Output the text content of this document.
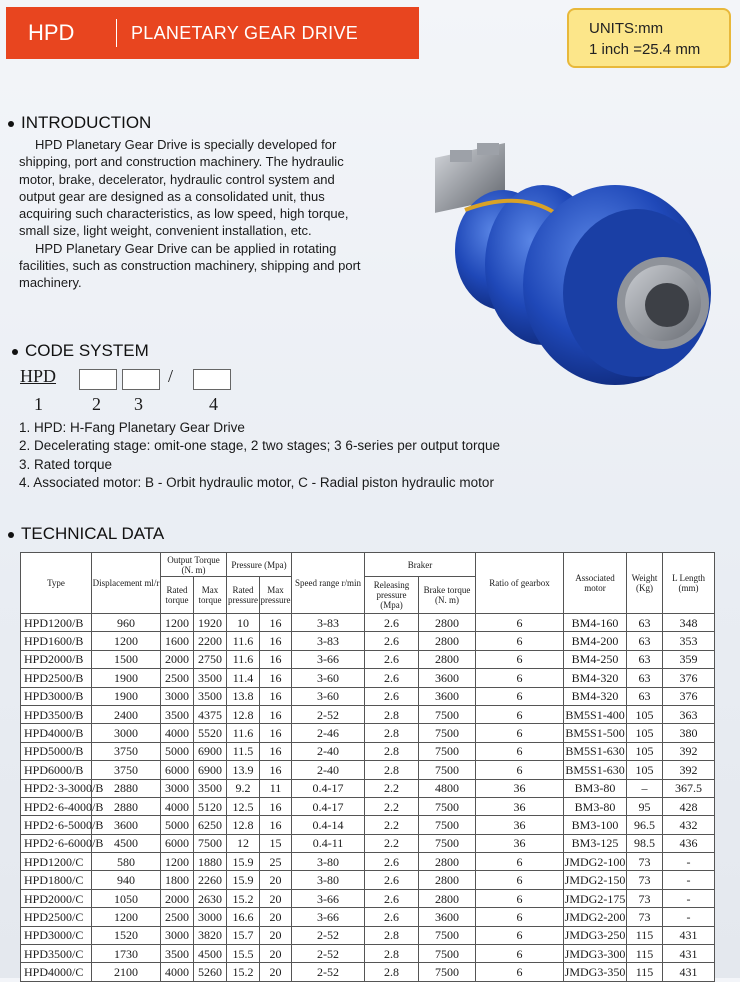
HPD	PLANETARY GEAR DRIVE	UNITS:mm
1 inch =25.4 mm
INTRODUCTION

HPD Planetary Gear Drive is specially developed for shipping, port and construction machinery. The hydraulic motor, brake, decelerator, hydraulic control system and output gear are designed as a consolidated unit, thus acquiring such characteristics, as low speed, high torque, small size, light weight, convenient installation, etc.

HPD Planetary Gear Drive can be applied in rotating facilities, such as construction machinery, shipping and port machinery.

CODE SYSTEM
HPD	/
1	2 3	4
1. HPD: H-Fang Planetary Gear Drive
2. Decelerating stage: omit-one stage, 2 two stages; 3 6-series per output torque
3. Rated torque
4. Associated motor: B - Orbit hydraulic motor, C - Radial piston hydraulic motor
TECHNICAL DATA
Type	Displacement ml/r	Output Torque (N. m)		Pressure (Mpa)		Speed range r/min	Braker		Ratio of gearbox	Associated motor	Weight (Kg)	L Length (mm)
		Rated torque	Max torque	Rated pressure	Max pressure		Releasing pressure (Mpa)	Brake torque (N. m)				
HPD1200/B	960	1200	1920	10	16	3-83	2.6	2800	6	BM4-160	63	348
HPD1600/B	1200	1600	2200	11.6	16	3-83	2.6	2800	6	BM4-200	63	353
HPD2000/B	1500	2000	2750	11.6	16	3-66	2.6	2800	6	BM4-250	63	359
HPD2500/B	1900	2500	3500	11.4	16	3-60	2.6	3600	6	BM4-320	63	376
HPD3000/B	1900	3000	3500	13.8	16	3-60	2.6	3600	6	BM4-320	63	376
HPD3500/B	2400	3500	4375	12.8	16	2-52	2.8	7500	6	BM5S1-400	105	363
HPD4000/B	3000	4000	5520	11.6	16	2-46	2.8	7500	6	BM5S1-500	105	380
HPD5000/B	3750	5000	6900	11.5	16	2-40	2.8	7500	6	BM5S1-630	105	392
HPD6000/B	3750	6000	6900	13.9	16	2-40	2.8	7500	6	BM5S1-630	105	392
HPD2·3-3000/B	2880	3000	3500	9.2	11	0.4-17	2.2	4800	36	BM3-80	–	367.5
HPD2·6-4000/B	2880	4000	5120	12.5	16	0.4-17	2.2	7500	36	BM3-80	95	428
HPD2·6-5000/B	3600	5000	6250	12.8	16	0.4-14	2.2	7500	36	BM3-100	96.5	432
HPD2·6-6000/B	4500	6000	7500	12	15	0.4-11	2.2	7500	36	BM3-125	98.5	436
HPD1200/C	580	1200	1880	15.9	25	3-80	2.6	2800	6	JMDG2-100	73	-
HPD1800/C	940	1800	2260	15.9	20	3-80	2.6	2800	6	JMDG2-150	73	-
HPD2000/C	1050	2000	2630	15.2	20	3-66	2.6	2800	6	JMDG2-175	73	-
HPD2500/C	1200	2500	3000	16.6	20	3-66	2.6	3600	6	JMDG2-200	73	-
HPD3000/C	1520	3000	3820	15.7	20	2-52	2.8	7500	6	JMDG3-250	115	431
HPD3500/C	1730	3500	4500	15.5	20	2-52	2.8	7500	6	JMDG3-300	115	431
HPD4000/C	2100	4000	5260	15.2	20	2-52	2.8	7500	6	JMDG3-350	115	431
